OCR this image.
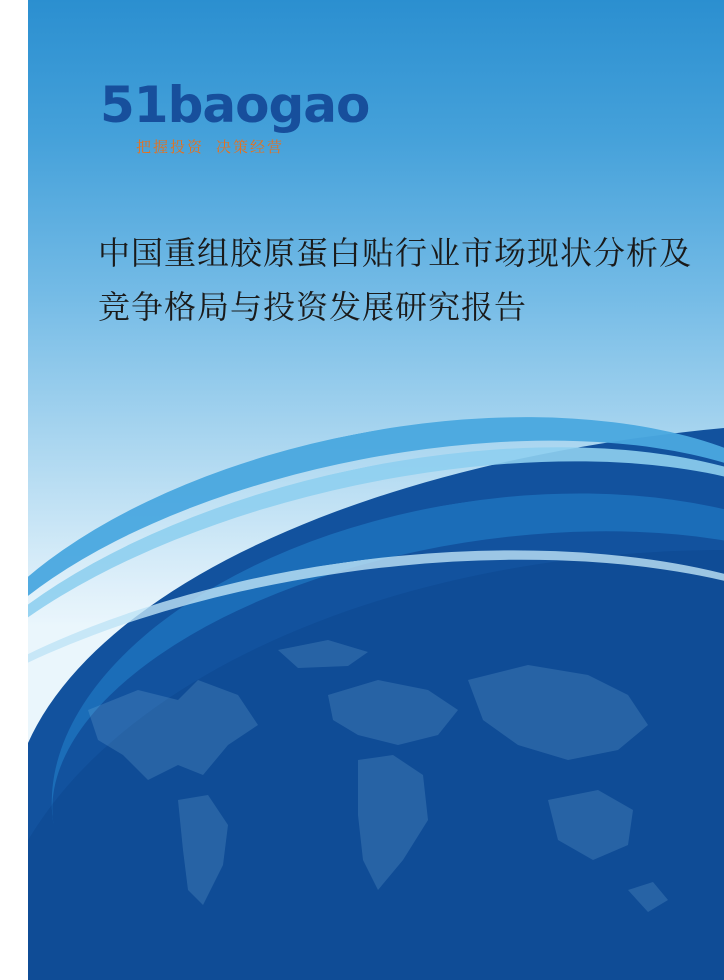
51baogao
把握投资 决策经营
中国重组胶原蛋白贴行业市场现状分析及竞争格局与投资发展研究报告
